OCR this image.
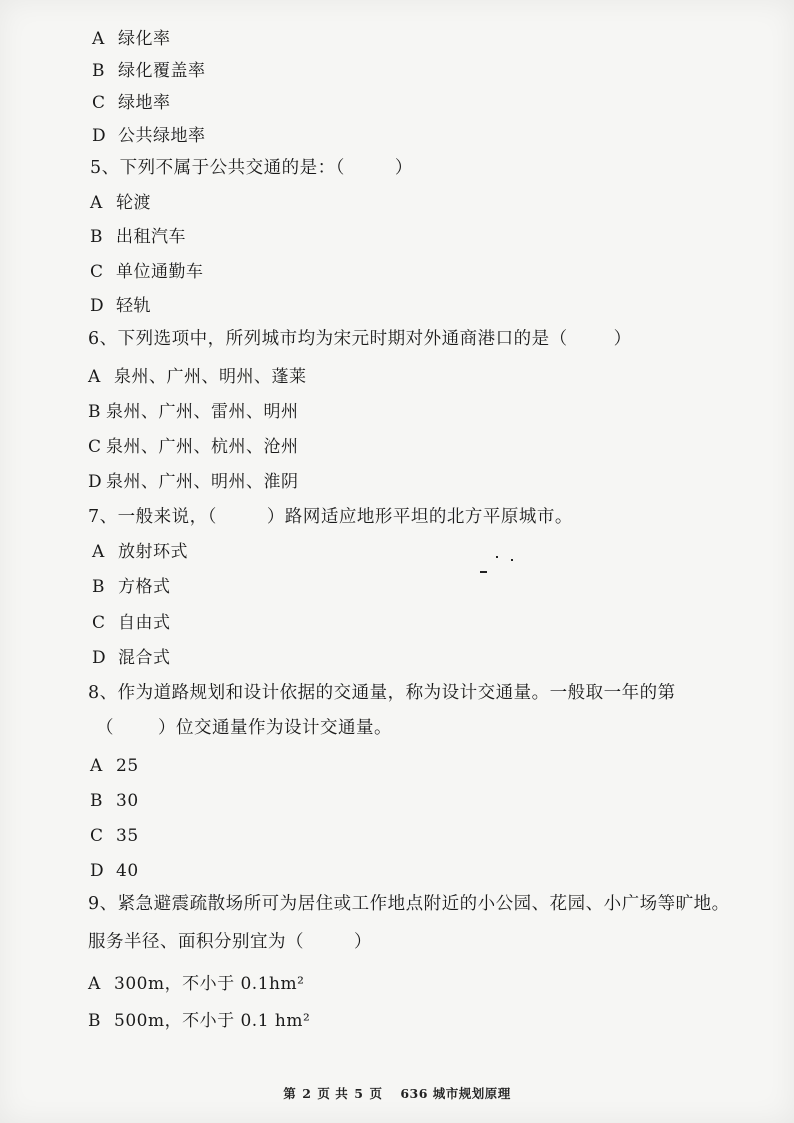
A 绿化率
B 绿化覆盖率
C 绿地率
D 公共绿地率
5、下列不属于公共交通的是：（	）
A 轮渡
B 出租汽车
C 单位通勤车
D 轻轨
6、下列选项中，所列城市均为宋元时期对外通商港口的是（	）
A 泉州、广州、明州、蓬莱
B 泉州、广州、雷州、明州
C 泉州、广州、杭州、沧州
D 泉州、广州、明州、淮阴
7、一般来说，（	）路网适应地形平坦的北方平原城市。
A 放射环式
B 方格式
C 自由式
D 混合式
8、作为道路规划和设计依据的交通量，称为设计交通量。一般取一年的第
（	）位交通量作为设计交通量。
A 25
B 30
C 35
D 40
9、紧急避震疏散场所可为居住或工作地点附近的小公园、花园、小广场等旷地。
服务半径、面积分别宜为（	）
A 300m，不小于 0.1hm²
B 500m，不小于 0.1 hm²
第 2 页 共 5 页 636 城市规划原理
